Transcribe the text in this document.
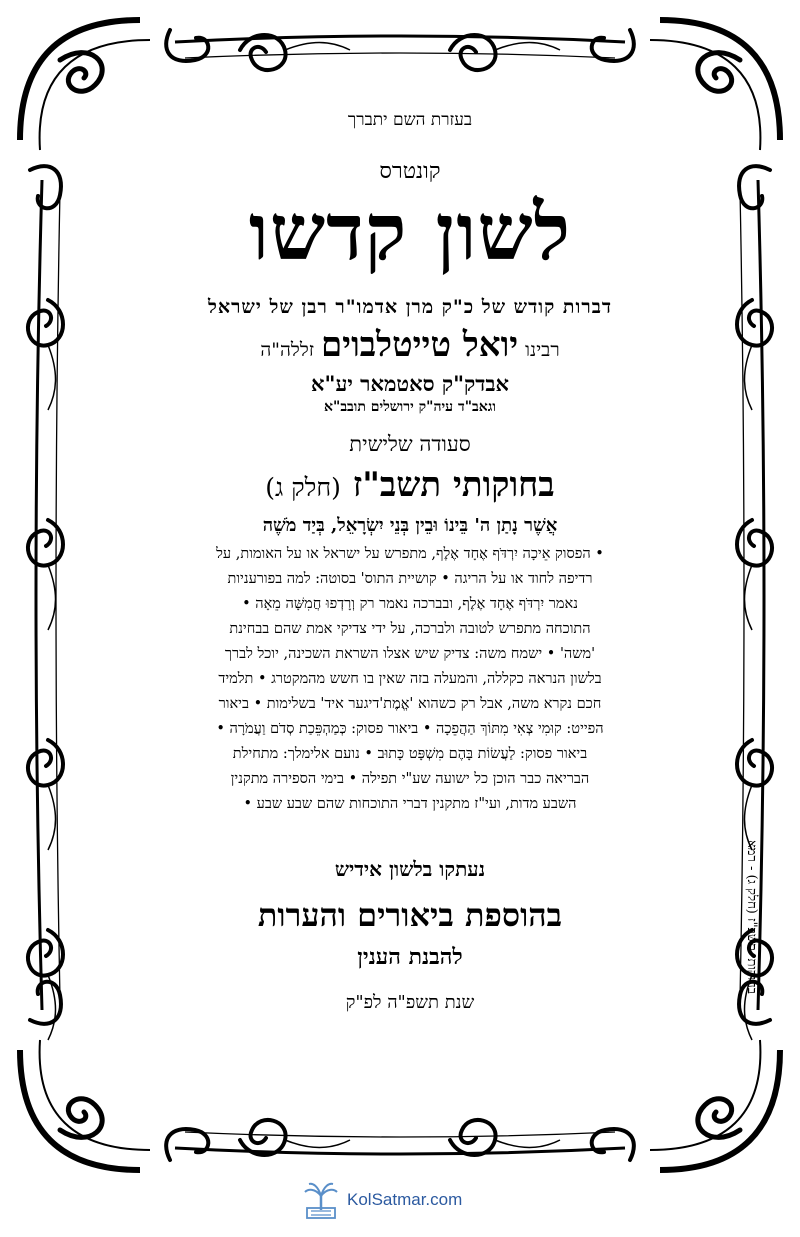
בעזרת השם יתברך
קונטרס
לשון קדשו
דברות קודש של כ"ק מרן אדמו"ר רבן של ישראל
רבינו יואל טייטלבוים זללה"ה
אבדק"ק סאטמאר יע"א
וגאב"ד עיה"ק ירושלים תובב"א
סעודה שלישית
בחוקותי תשב"ז (חלק ג)
אֲשֶׁר נָתַן ה' בֵּינוֹ וּבֵין בְּנֵי יִשְׂרָאֵל, בְּיַד מֹשֶׁה
• הפסוק אֵיכָה יִרְדֹּף אֶחָד אֶלֶף, מתפרש על ישראל או על האומות, על
רדיפה לחוד או על הריגה • קושיית התוס' בסוטה: למה בפורעניות
נאמר יִרְדֹּף אֶחָד אֶלֶף, ובברכה נאמר רק וְרָדְפוּ חֲמִשָּׁה מֵאָה •
התוכחה מתפרש לטובה ולברכה, על ידי צדיקי אמת שהם בבחינת
'משה' • ישמח משה: צדיק שיש אצלו השראת השכינה, יוכל לברך
בלשון הנראה כקללה, והמעלה בזה שאין בו חשש מהמקטרג • תלמיד
חכם נקרא משה, אבל רק כשהוא 'אֱמֶת'דיגער איד' בשלימות • ביאור
הפייט: קוּמִי צְאִי מִתּוֹךְ הַהֲפֵכָה • ביאור פסוק: כְּמַהְפֵּכַת סְדֹם וַעֲמֹרָה •
ביאור פסוק: לַעֲשׂוֹת בָּהֶם מִשְׁפָּט כָּתוּב • נועם אלימלך: מתחילת
הבריאה כבר הוכן כל ישועה שע"י תפילה • בימי הספירה מתקנין
השבע מדות, ועי"ז מתקנין דברי התוכחות שהם שבע שבע •
נעתקו בלשון אידיש
בהוספת ביאורים והערות
להבנת הענין
שנת תשפ"ה לפ"ק
בחוקותי תשב"ז (חלק ג) - רמא
KolSatmar.com
